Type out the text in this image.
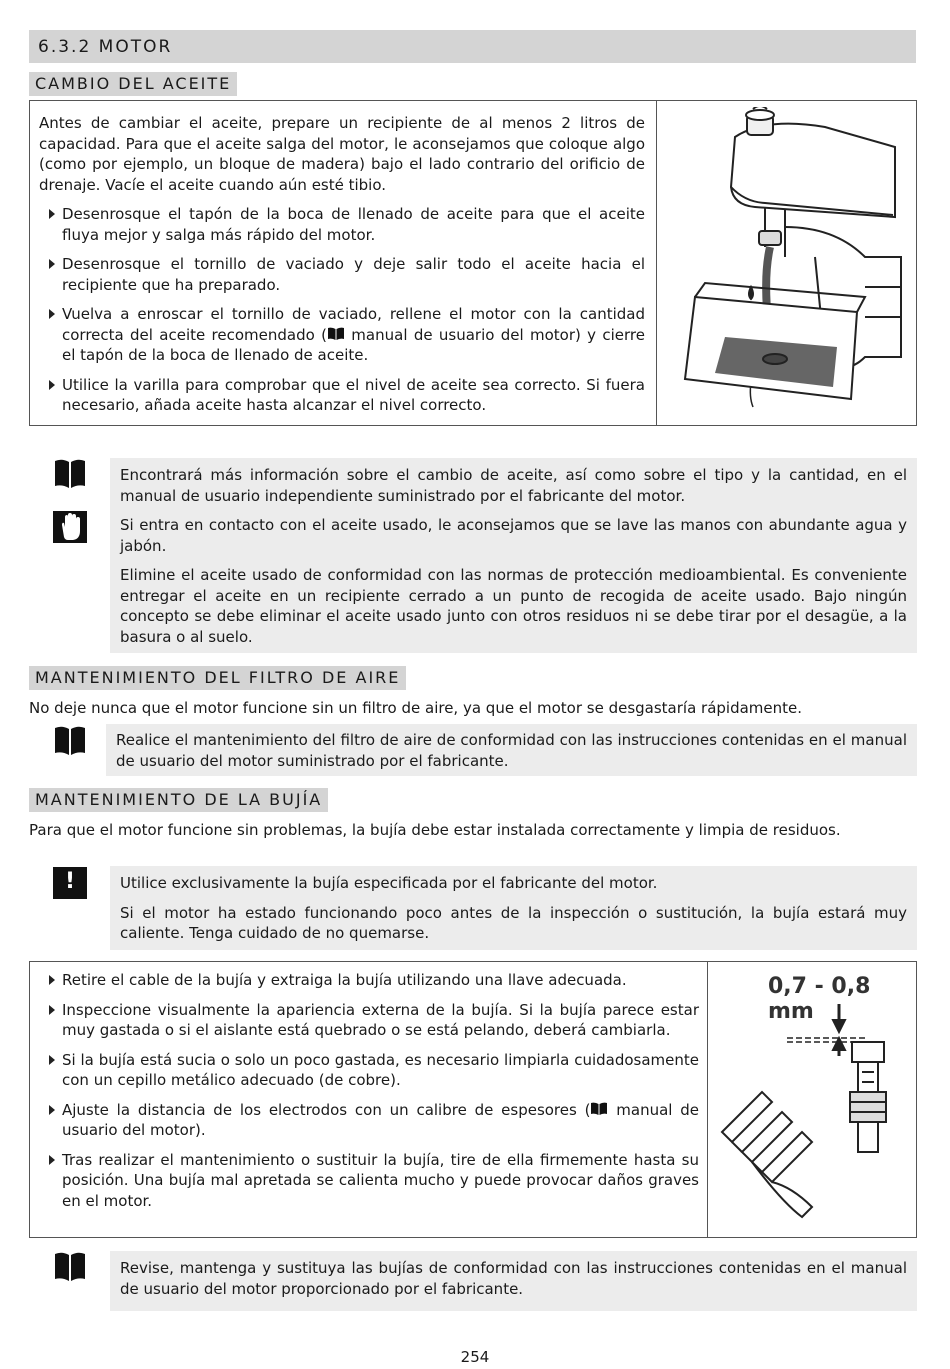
6.3.2 MOTOR
CAMBIO DEL ACEITE
Antes de cambiar el aceite, prepare un recipiente de al menos 2 litros de capacidad. Para que el aceite salga del motor, le aconsejamos que coloque algo (como por ejemplo, un bloque de madera) bajo el lado contrario del orificio de drenaje. Vacíe el aceite cuando aún esté tibio.
Desenrosque el tapón de la boca de llenado de aceite para que el aceite fluya mejor y salga más rápido del motor.
Desenrosque el tornillo de vaciado y deje salir todo el aceite hacia el recipiente que ha preparado.
Vuelva a enroscar el tornillo de vaciado, rellene el motor con la cantidad correcta del aceite recomendado ( manual de usuario del motor) y cierre el tapón de la boca de llenado de aceite.
Utilice la varilla para comprobar que el nivel de aceite sea correcto. Si fuera necesario, añada aceite hasta alcanzar el nivel correcto.

Encontrará más información sobre el cambio de aceite, así como sobre el tipo y la cantidad, en el manual de usuario independiente suministrado por el fabricante del motor.

Si entra en contacto con el aceite usado, le aconsejamos que se lave las manos con abundante agua y jabón.

Elimine el aceite usado de conformidad con las normas de protección medioambiental. Es conveniente entregar el aceite en un recipiente cerrado a un punto de recogida de aceite usado. Bajo ningún concepto se debe eliminar el aceite usado junto con otros residuos ni se debe tirar por el desagüe, a la basura o al suelo.

MANTENIMIENTO DEL FILTRO DE AIRE
No deje nunca que el motor funcione sin un filtro de aire, ya que el motor se desgastaría rápidamente.

Realice el mantenimiento del filtro de aire de conformidad con las instrucciones contenidas en el manual de usuario del motor suministrado por el fabricante.

MANTENIMIENTO DE LA BUJÍA
Para que el motor funcione sin problemas, la bujía debe estar instalada correctamente y limpia de residuos.
!	Utilice exclusivamente la bujía especificada por el fabricante del motor.

Si el motor ha estado funcionando poco antes de la inspección o sustitución, la bujía estará muy caliente. Tenga cuidado de no quemarse.

Retire el cable de la bujía y extraiga la bujía utilizando una llave adecuada.
Inspeccione visualmente la apariencia externa de la bujía. Si la bujía parece estar muy gastada o si el aislante está quebrado o se está pelando, deberá cambiarla.
Si la bujía está sucia o solo un poco gastada, es necesario limpiarla cuidadosamente con un cepillo metálico adecuado (de cobre).
Ajuste la distancia de los electrodos con un calibre de espesores ( manual de usuario del motor).
Tras realizar el mantenimiento o sustituir la bujía, tire de ella firmemente hasta su posición. Una bujía mal apretada se calienta mucho y puede provocar daños graves en el motor.
0,7 - 0,8 mm

Revise, mantenga y sustituya las bujías de conformidad con las instrucciones contenidas en el manual de usuario del motor proporcionado por el fabricante.

254
